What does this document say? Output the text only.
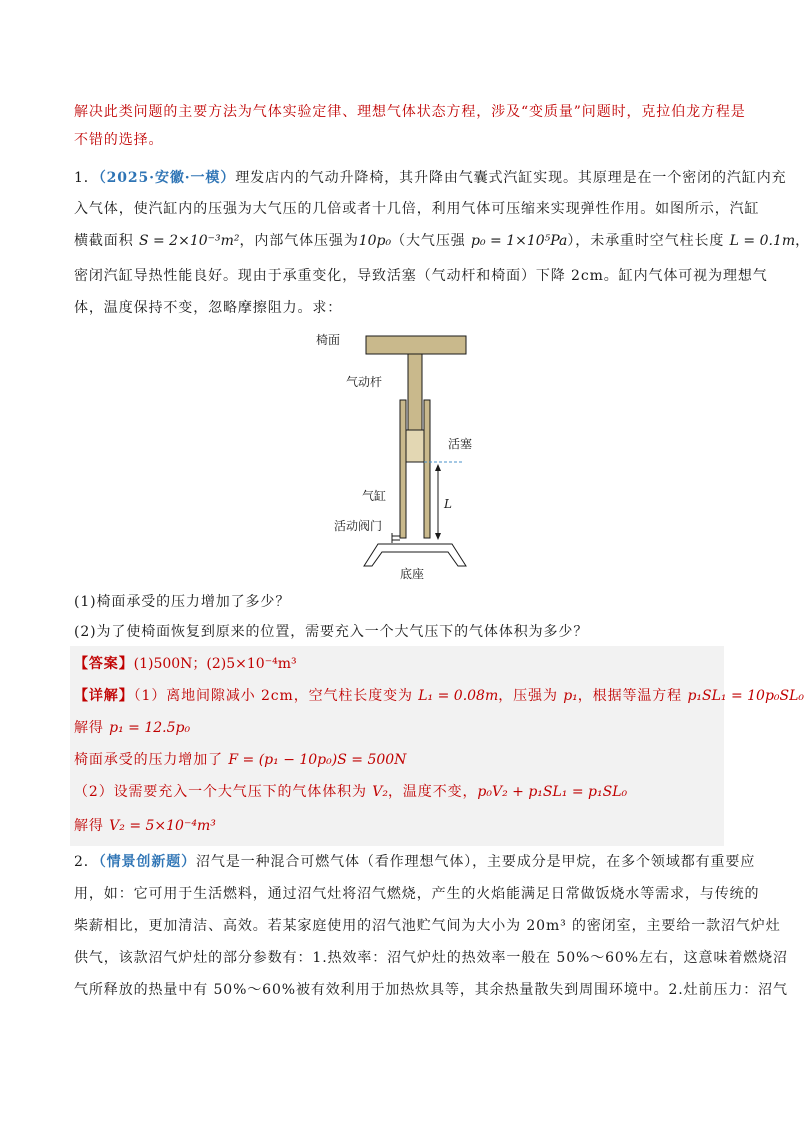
解决此类问题的主要方法为气体实验定律、理想气体状态方程，涉及“变质量”问题时，克拉伯龙方程是
不错的选择。
1．（2025·安徽·一模）理发店内的气动升降椅，其升降由气囊式汽缸实现。其原理是在一个密闭的汽缸内充
入气体，使汽缸内的压强为大气压的几倍或者十几倍，利用气体可压缩来实现弹性作用。如图所示，汽缸
横截面积 S = 2×10⁻³m²，内部气体压强为10p₀（大气压强 p₀ = 1×10⁵Pa），未承重时空气柱长度 L = 0.1m，
密闭汽缸导热性能良好。现由于承重变化，导致活塞（气动杆和椅面）下降 2cm。缸内气体可视为理想气
体，温度保持不变，忽略摩擦阻力。求：
椅面
气动杆
活塞
气缸
活动阀门
底座
L
(1)椅面承受的压力增加了多少？
(2)为了使椅面恢复到原来的位置，需要充入一个大气压下的气体体积为多少？
【答案】(1)500N；(2)5×10⁻⁴m³
【详解】（1）离地间隙减小 2cm，空气柱长度变为 L₁ = 0.08m，压强为 p₁，根据等温方程 p₁SL₁ = 10p₀SL₀
解得 p₁ = 12.5p₀
椅面承受的压力增加了 F = (p₁ − 10p₀)S = 500N
（2）设需要充入一个大气压下的气体体积为 V₂，温度不变，p₀V₂ + p₁SL₁ = p₁SL₀
解得 V₂ = 5×10⁻⁴m³
2．（情景创新题）沼气是一种混合可燃气体（看作理想气体），主要成分是甲烷，在多个领域都有重要应
用，如：它可用于生活燃料，通过沼气灶将沼气燃烧，产生的火焰能满足日常做饭烧水等需求，与传统的
柴薪相比，更加清洁、高效。若某家庭使用的沼气池贮气间为大小为 20m³ 的密闭室，主要给一款沼气炉灶
供气，该款沼气炉灶的部分参数有：1.热效率：沼气炉灶的热效率一般在 50%～60%左右，这意味着燃烧沼
气所释放的热量中有 50%～60%被有效利用于加热炊具等，其余热量散失到周围环境中。2.灶前压力：沼气
